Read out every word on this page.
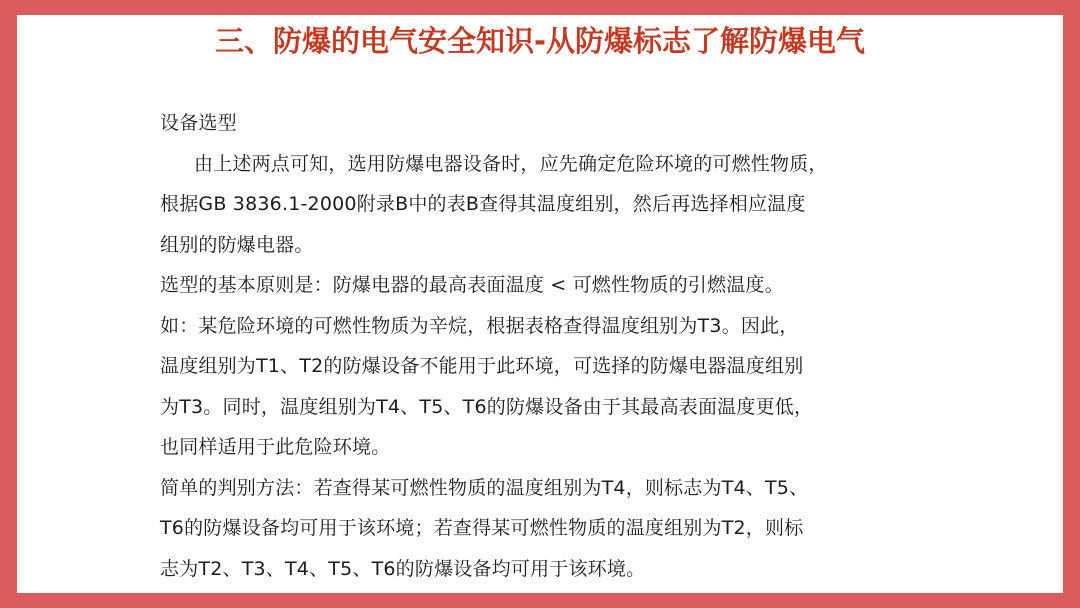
三、防爆的电气安全知识-从防爆标志了解防爆电气
设备选型
由上述两点可知，选用防爆电器设备时，应先确定危险环境的可燃性物质，
根据GB 3836.1-2000附录B中的表B查得其温度组别，然后再选择相应温度
组别的防爆电器。
选型的基本原则是：防爆电器的最高表面温度 < 可燃性物质的引燃温度。
如：某危险环境的可燃性物质为辛烷，根据表格查得温度组别为T3。因此，
温度组别为T1、T2的防爆设备不能用于此环境，可选择的防爆电器温度组别
为T3。同时，温度组别为T4、T5、T6的防爆设备由于其最高表面温度更低，
也同样适用于此危险环境。
简单的判别方法：若查得某可燃性物质的温度组别为T4，则标志为T4、T5、
T6的防爆设备均可用于该环境；若查得某可燃性物质的温度组别为T2，则标
志为T2、T3、T4、T5、T6的防爆设备均可用于该环境。
